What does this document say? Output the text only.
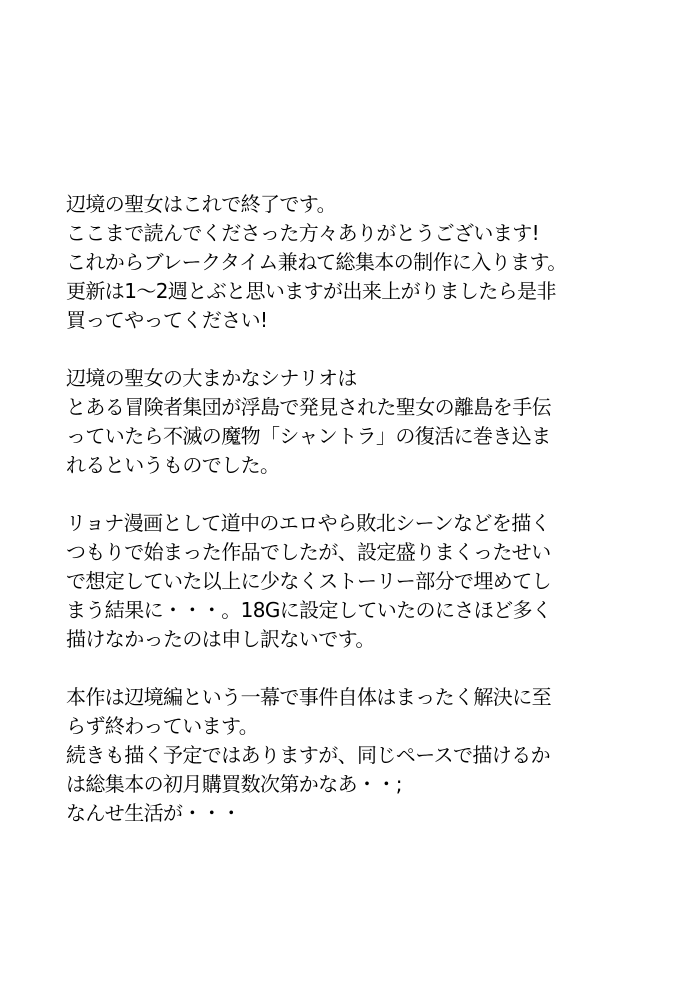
辺境の聖女はこれで終了です。
ここまで読んでくださった方々ありがとうございます!
これからブレークタイム兼ねて総集本の制作に入ります。
更新は1〜2週とぶと思いますが出来上がりましたら是非
買ってやってください!
辺境の聖女の大まかなシナリオは
とある冒険者集団が浮島で発見された聖女の離島を手伝
っていたら不滅の魔物「シャントラ」の復活に巻き込ま
れるというものでした。
リョナ漫画として道中のエロやら敗北シーンなどを描く
つもりで始まった作品でしたが、設定盛りまくったせい
で想定していた以上に少なくストーリー部分で埋めてし
まう結果に・・・。18Gに設定していたのにさほど多く
描けなかったのは申し訳ないです。
本作は辺境編という一幕で事件自体はまったく解決に至
らず終わっています。
続きも描く予定ではありますが、同じペースで描けるか
は総集本の初月購買数次第かなあ・・;
なんせ生活が・・・
